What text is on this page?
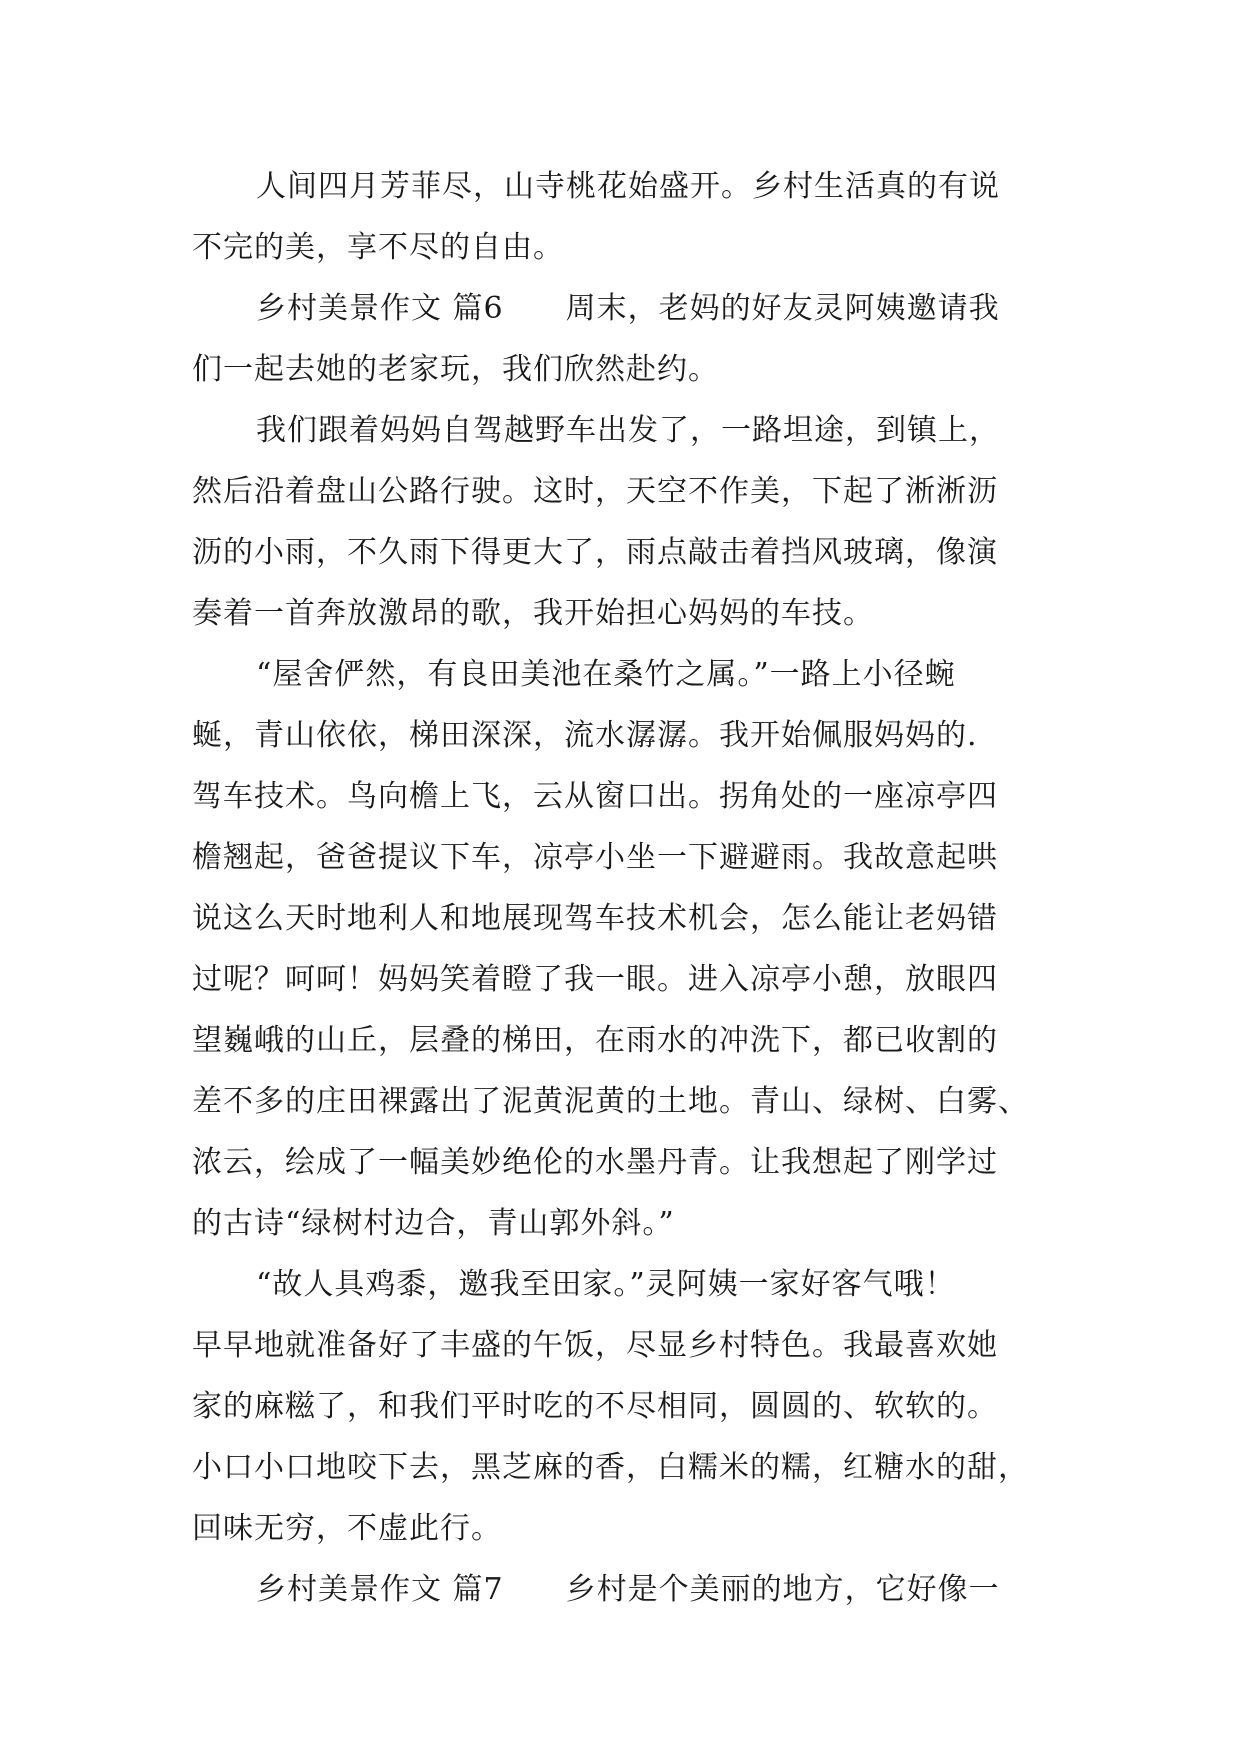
人间四月芳菲尽，山寺桃花始盛开。乡村生活真的有说
不完的美，享不尽的自由。
乡村美景作文 篇6 周末，老妈的好友灵阿姨邀请我
们一起去她的老家玩，我们欣然赴约。
我们跟着妈妈自驾越野车出发了，一路坦途，到镇上，
然后沿着盘山公路行驶。这时，天空不作美，下起了淅淅沥
沥的小雨，不久雨下得更大了，雨点敲击着挡风玻璃，像演
奏着一首奔放激昂的歌，我开始担心妈妈的车技。
“屋舍俨然，有良田美池在桑竹之属。”一路上小径蜿
蜒，青山依依，梯田深深，流水潺潺。我开始佩服妈妈的.
驾车技术。鸟向檐上飞，云从窗口出。拐角处的一座凉亭四
檐翘起，爸爸提议下车，凉亭小坐一下避避雨。我故意起哄
说这么天时地利人和地展现驾车技术机会，怎么能让老妈错
过呢？呵呵！妈妈笑着瞪了我一眼。进入凉亭小憩，放眼四
望巍峨的山丘，层叠的梯田，在雨水的冲洗下，都已收割的
差不多的庄田裸露出了泥黄泥黄的土地。青山、绿树、白雾、
浓云，绘成了一幅美妙绝伦的水墨丹青。让我想起了刚学过
的古诗“绿树村边合，青山郭外斜。”
“故人具鸡黍，邀我至田家。”灵阿姨一家好客气哦！
早早地就准备好了丰盛的午饭，尽显乡村特色。我最喜欢她
家的麻糍了，和我们平时吃的不尽相同，圆圆的、软软的。
小口小口地咬下去，黑芝麻的香，白糯米的糯，红糖水的甜，
回味无穷，不虚此行。
乡村美景作文 篇7 乡村是个美丽的地方，它好像一
